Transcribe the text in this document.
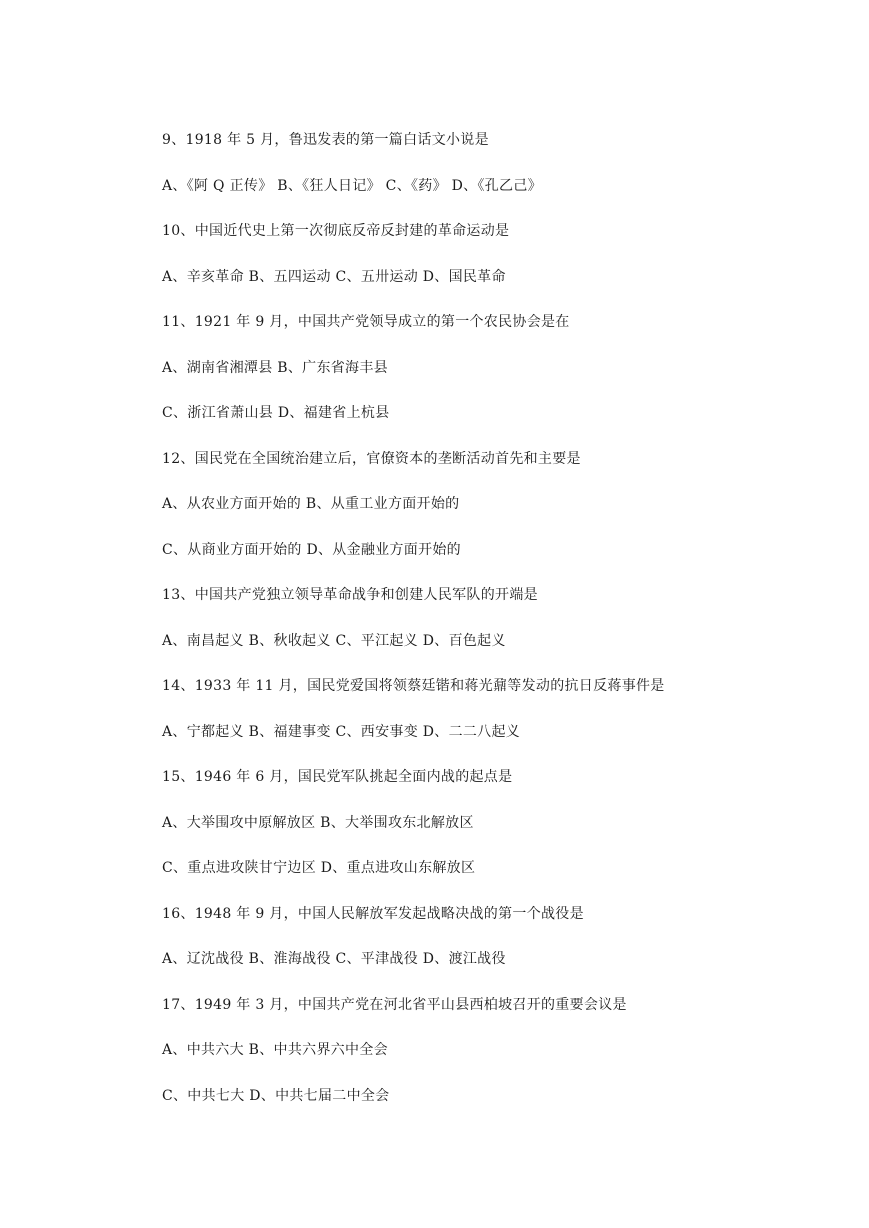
9、1918 年 5 月，鲁迅发表的第一篇白话文小说是
A、《阿 Q 正传》 B、《狂人日记》 C、《药》 D、《孔乙己》
10、中国近代史上第一次彻底反帝反封建的革命运动是
A、辛亥革命 B、五四运动 C、五卅运动 D、国民革命
11、1921 年 9 月，中国共产党领导成立的第一个农民协会是在
A、湖南省湘潭县 B、广东省海丰县
C、浙江省萧山县 D、福建省上杭县
12、国民党在全国统治建立后，官僚资本的垄断活动首先和主要是
A、从农业方面开始的 B、从重工业方面开始的
C、从商业方面开始的 D、从金融业方面开始的
13、中国共产党独立领导革命战争和创建人民军队的开端是
A、南昌起义 B、秋收起义 C、平江起义 D、百色起义
14、1933 年 11 月，国民党爱国将领蔡廷锴和蒋光鼐等发动的抗日反蒋事件是
A、宁都起义 B、福建事变 C、西安事变 D、二二八起义
15、1946 年 6 月，国民党军队挑起全面内战的起点是
A、大举围攻中原解放区 B、大举围攻东北解放区
C、重点进攻陕甘宁边区 D、重点进攻山东解放区
16、1948 年 9 月，中国人民解放军发起战略决战的第一个战役是
A、辽沈战役 B、淮海战役 C、平津战役 D、渡江战役
17、1949 年 3 月，中国共产党在河北省平山县西柏坡召开的重要会议是
A、中共六大 B、中共六界六中全会
C、中共七大 D、中共七届二中全会
